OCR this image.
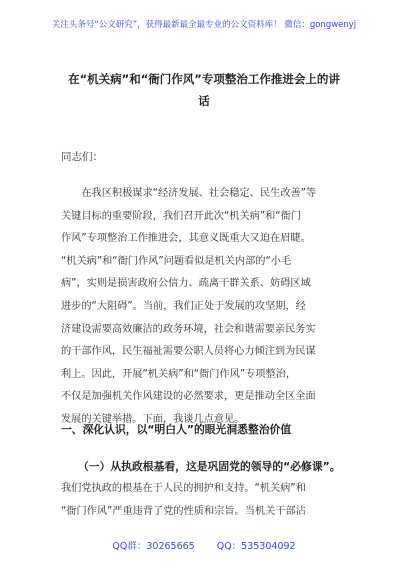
关注头条号“公文研究”，获得最新最全最专业的公文资料库！ 微信：gongwenyj
在“机关病”和“衙门作风”专项整治工作推进会上的讲
话
同志们：
　　在我区积极谋求“经济发展、社会稳定、民生改善”等
关键目标的重要阶段，我们召开此次“机关病”和“衙门
作风”专项整治工作推进会，其意义既重大又迫在眉睫。
“机关病”和“衙门作风”问题看似是机关内部的“小毛
病”，实则是损害政府公信力、疏离干群关系、妨碍区域
进步的“大阻碍”。当前，我们正处于发展的攻坚期，经
济建设需要高效廉洁的政务环境，社会和谐需要亲民务实
的干部作风，民生福祉需要公职人员将心力倾注到为民谋
利上。因此，开展“机关病”和“衙门作风”专项整治，
不仅是加强机关作风建设的必然要求，更是推动全区全面
发展的关键举措。下面，我谈几点意见。
一、深化认识，以“明白人”的眼光洞悉整治价值
（一）从执政根基看，这是巩固党的领导的“必修课”。
我们党执政的根基在于人民的拥护和支持。“机关病”和
“衙门作风”严重违背了党的性质和宗旨。当机关干部沾
QQ群：30265665 QQ：535304092
